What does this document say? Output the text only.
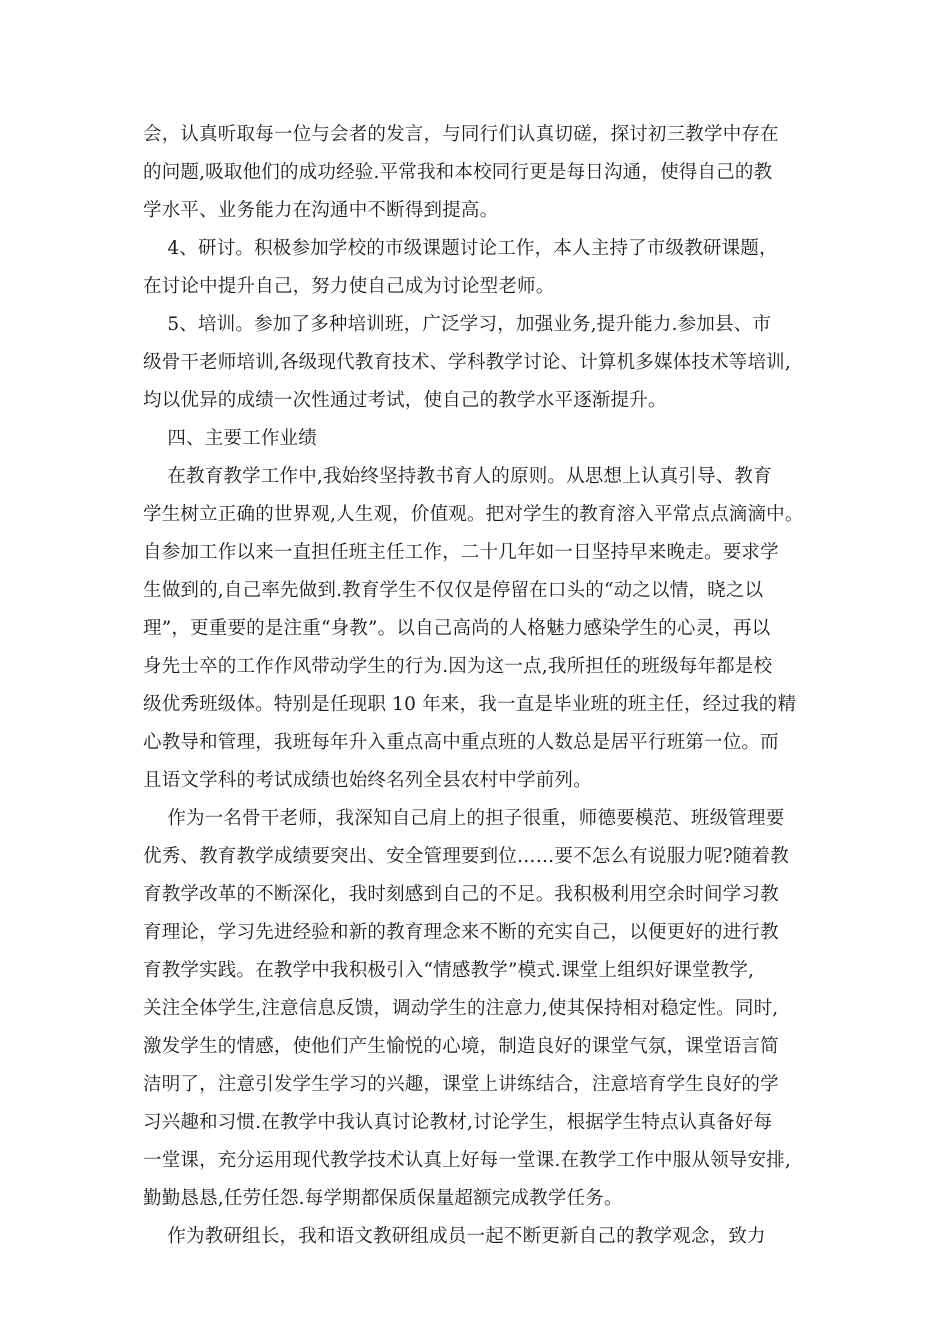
会，认真听取每一位与会者的发言，与同行们认真切磋，探讨初三教学中存在
的问题,吸取他们的成功经验.平常我和本校同行更是每日沟通，使得自己的教
学水平、业务能力在沟通中不断得到提高。
4、研讨。积极参加学校的市级课题讨论工作，本人主持了市级教研课题，
在讨论中提升自己，努力使自己成为讨论型老师。
5、培训。参加了多种培训班，广泛学习，加强业务,提升能力.参加县、市
级骨干老师培训,各级现代教育技术、学科教学讨论、计算机多媒体技术等培训,
均以优异的成绩一次性通过考试，使自己的教学水平逐渐提升。
四、主要工作业绩
在教育教学工作中,我始终坚持教书育人的原则。从思想上认真引导、教育
学生树立正确的世界观,人生观，价值观。把对学生的教育溶入平常点点滴滴中。
自参加工作以来一直担任班主任工作，二十几年如一日坚持早来晚走。要求学
生做到的,自己率先做到.教育学生不仅仅是停留在口头的“动之以情，晓之以
理”，更重要的是注重“身教”。以自己高尚的人格魅力感染学生的心灵，再以
身先士卒的工作作风带动学生的行为.因为这一点,我所担任的班级每年都是校
级优秀班级体。特别是任现职 10 年来，我一直是毕业班的班主任，经过我的精
心教导和管理，我班每年升入重点高中重点班的人数总是居平行班第一位。而
且语文学科的考试成绩也始终名列全县农村中学前列。
作为一名骨干老师，我深知自己肩上的担子很重，师德要模范、班级管理要
优秀、教育教学成绩要突出、安全管理要到位……要不怎么有说服力呢?随着教
育教学改革的不断深化，我时刻感到自己的不足。我积极利用空余时间学习教
育理论，学习先进经验和新的教育理念来不断的充实自己，以便更好的进行教
育教学实践。在教学中我积极引入“情感教学”模式.课堂上组织好课堂教学,
关注全体学生,注意信息反馈，调动学生的注意力,使其保持相对稳定性。同时,
激发学生的情感，使他们产生愉悦的心境，制造良好的课堂气氛，课堂语言简
洁明了，注意引发学生学习的兴趣，课堂上讲练结合，注意培育学生良好的学
习兴趣和习惯.在教学中我认真讨论教材,讨论学生，根据学生特点认真备好每
一堂课，充分运用现代教学技术认真上好每一堂课.在教学工作中服从领导安排,
勤勤恳恳,任劳任怨.每学期都保质保量超额完成教学任务。
作为教研组长，我和语文教研组成员一起不断更新自己的教学观念，致力
